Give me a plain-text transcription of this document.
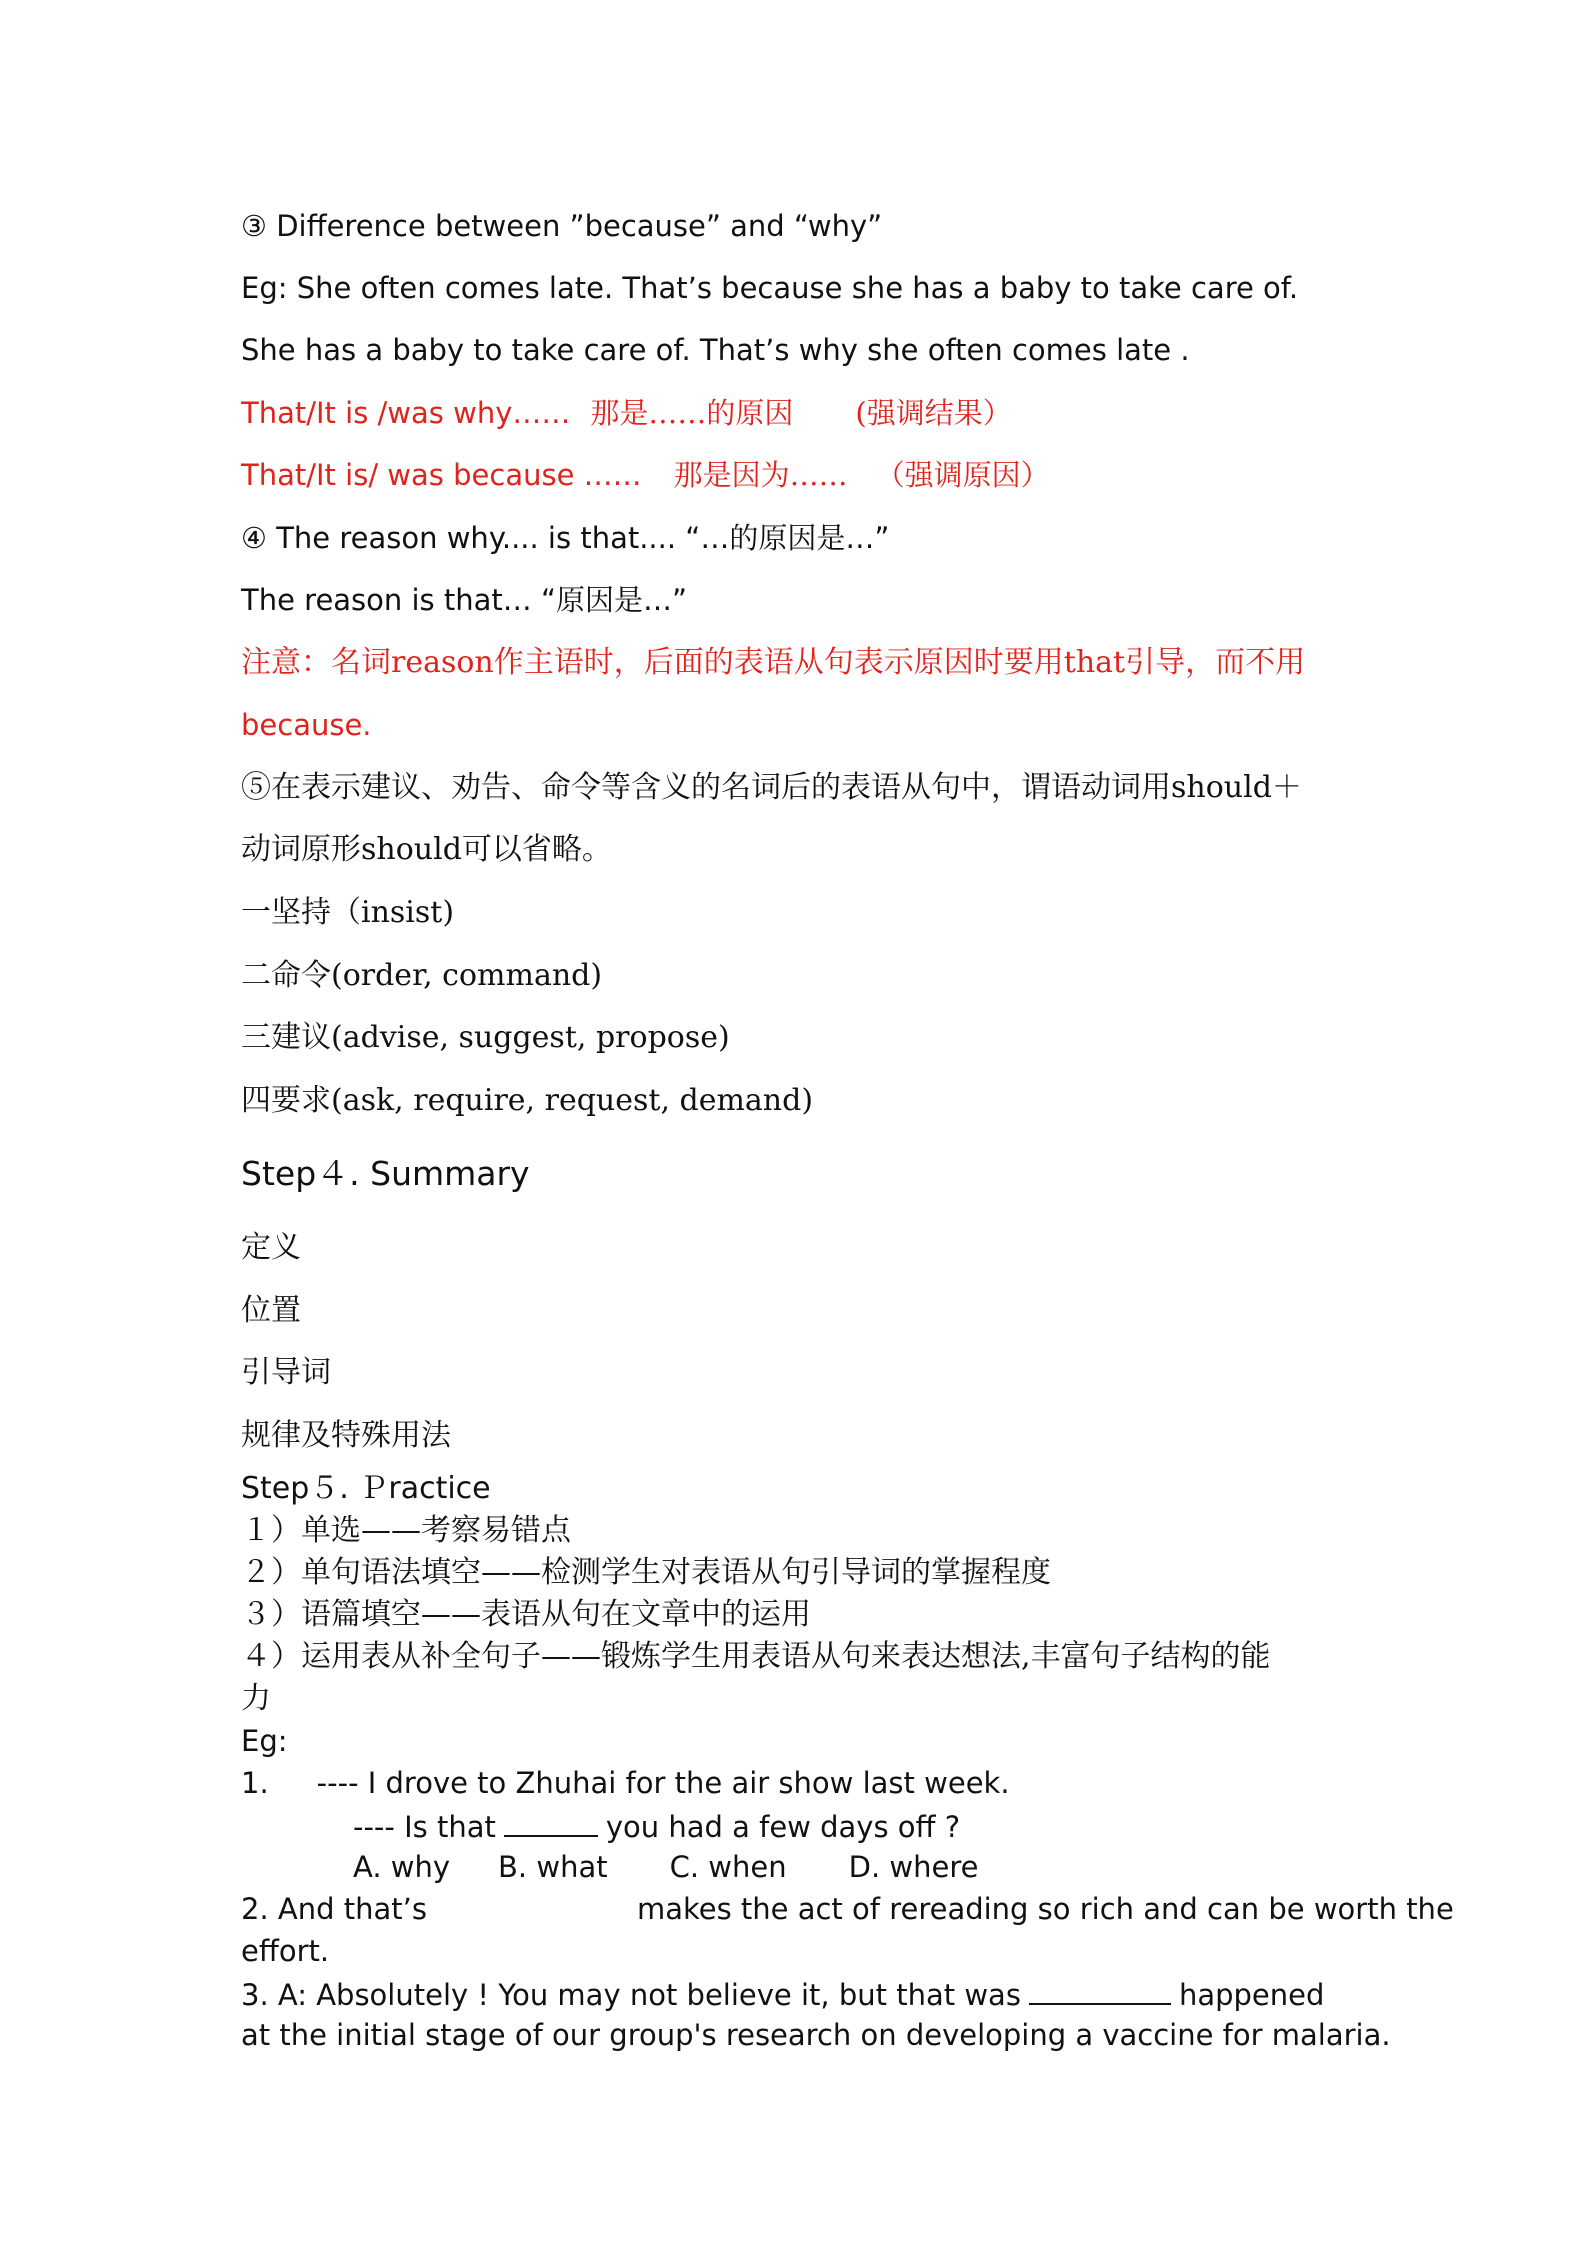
③ Difference between ”because” and “why”
Eg: She often comes late. That’s because she has a baby to take care of.
She has a baby to take care of. That’s why she often comes late .
That/It is /was why…… 那是……的原因 (强调结果）
That/It is/ was because …… 那是因为…… （强调原因）
④ The reason why.... is that.... “…的原因是…”
The reason is that… “原因是…”
注意：名词reason作主语时，后面的表语从句表示原因时要用that引导，而不用
because.
⑤在表示建议、劝告、命令等含义的名词后的表语从句中，谓语动词用should＋
动词原形should可以省略。
一坚持（insist)
二命令(order, command)
三建议(advise, suggest, propose)
四要求(ask, require, request, demand)
Step４. Summary
定义
位置
引导词
规律及特殊用法
Step５. Ｐractice
１）单选——考察易错点
２）单句语法填空——检测学生对表语从句引导词的掌握程度
３）语篇填空——表语从句在文章中的运用
４）运用表从补全句子——锻炼学生用表语从句来表达想法,丰富句子结构的能
力
Eg:
1. ---- I drove to Zhuhai for the air show last week.
---- Is that	you had a few days off ?
A. why B. what C. when D. where
2. And that’s	makes the act of rereading so rich and can be worth the
effort.
3. A: Absolutely ! You may not believe it, but that was	happened
at the initial stage of our group's research on developing a vaccine for malaria.
